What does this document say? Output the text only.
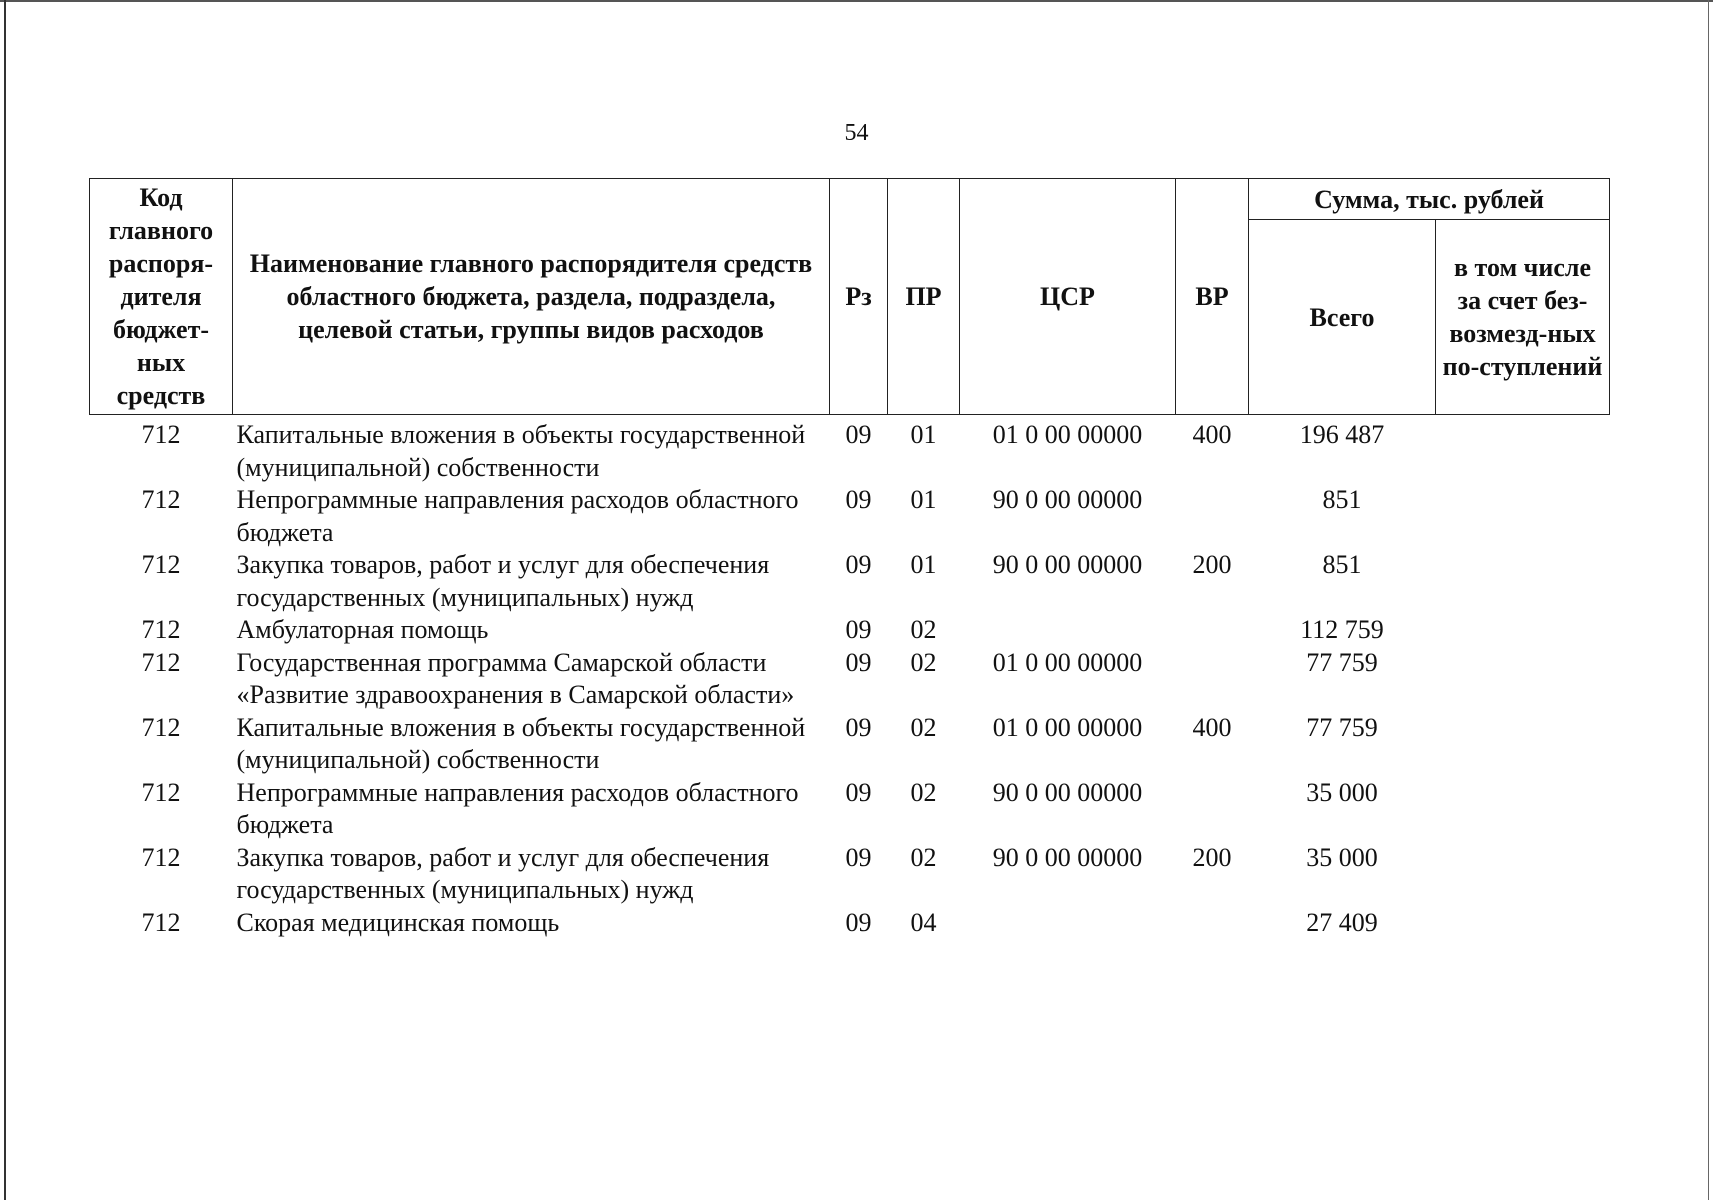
54
Код главного распоря-дителя бюджет-ных средств	Наименование главного распорядителя средств областного бюджета, раздела, подраздела, целевой статьи, группы видов расходов	Рз	ПР	ЦСР	ВР	Сумма, тыс. рублей	
						Всего	в том числе за счет без-возмезд-ных по-ступлений
712	Капитальные вложения в объекты государственной (муниципальной) собственности	09	01	01 0 00 00000	400	196 487	
712	Непрограммные направления расходов областного бюджета	09	01	90 0 00 00000		851	
712	Закупка товаров, работ и услуг для обеспечения государственных (муниципальных) нужд	09	01	90 0 00 00000	200	851	
712	Амбулаторная помощь	09	02			112 759	
712	Государственная программа Самарской области «Развитие здравоохранения в Самарской области»	09	02	01 0 00 00000		77 759	
712	Капитальные вложения в объекты государственной (муниципальной) собственности	09	02	01 0 00 00000	400	77 759	
712	Непрограммные направления расходов областного бюджета	09	02	90 0 00 00000		35 000	
712	Закупка товаров, работ и услуг для обеспечения государственных (муниципальных) нужд	09	02	90 0 00 00000	200	35 000	
712	Скорая медицинская помощь	09	04			27 409	
